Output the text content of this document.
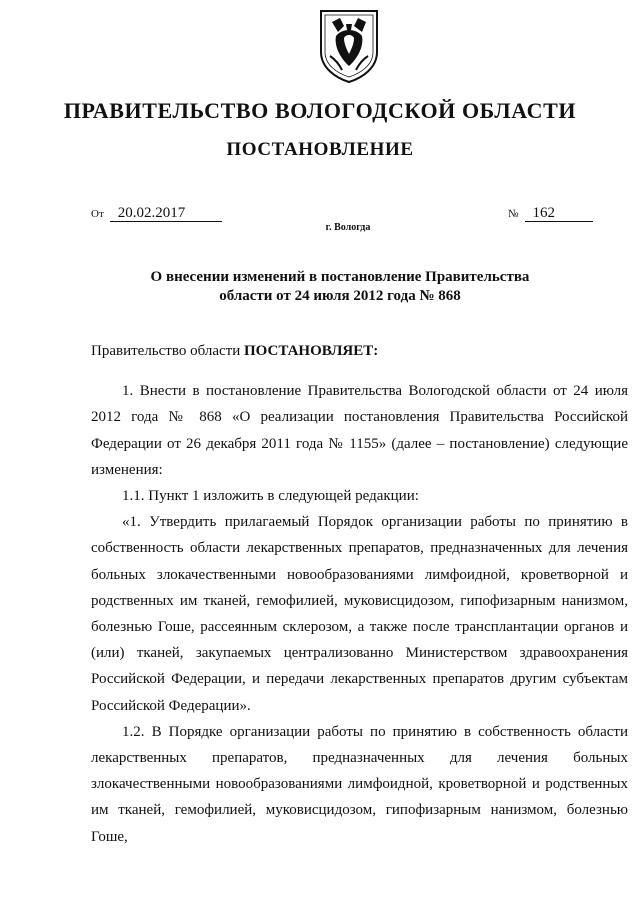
ПРАВИТЕЛЬСТВО ВОЛОГОДСКОЙ ОБЛАСТИ
ПОСТАНОВЛЕНИЕ
От 20.02.2017	№ 162
г. Вологда
О внесении изменений в постановление Правительства
области от 24 июля 2012 года № 868

Правительство области ПОСТАНОВЛЯЕТ:

1. Внести в постановление Правительства Вологодской области от 24 июля 2012 года № 868 «О реализации постановления Правительства Российской Федерации от 26 декабря 2011 года № 1155» (далее – постановление) следующие изменения:

1.1. Пункт 1 изложить в следующей редакции:

«1. Утвердить прилагаемый Порядок организации работы по принятию в собственность области лекарственных препаратов, предназначенных для лечения больных злокачественными новообразованиями лимфоидной, кроветворной и родственных им тканей, гемофилией, муковисцидозом, гипофизарным нанизмом, болезнью Гоше, рассеянным склерозом, а также после трансплантации органов и (или) тканей, закупаемых централизованно Министерством здравоохранения Российской Федерации, и передачи лекарственных препаратов другим субъектам Российской Федерации».

1.2. В Порядке организации работы по принятию в собственность области лекарственных препаратов, предназначенных для лечения больных злокачественными новообразованиями лимфоидной, кроветворной и родственных им тканей, гемофилией, муковисцидозом, гипофизарным нанизмом, болезнью Гоше,
